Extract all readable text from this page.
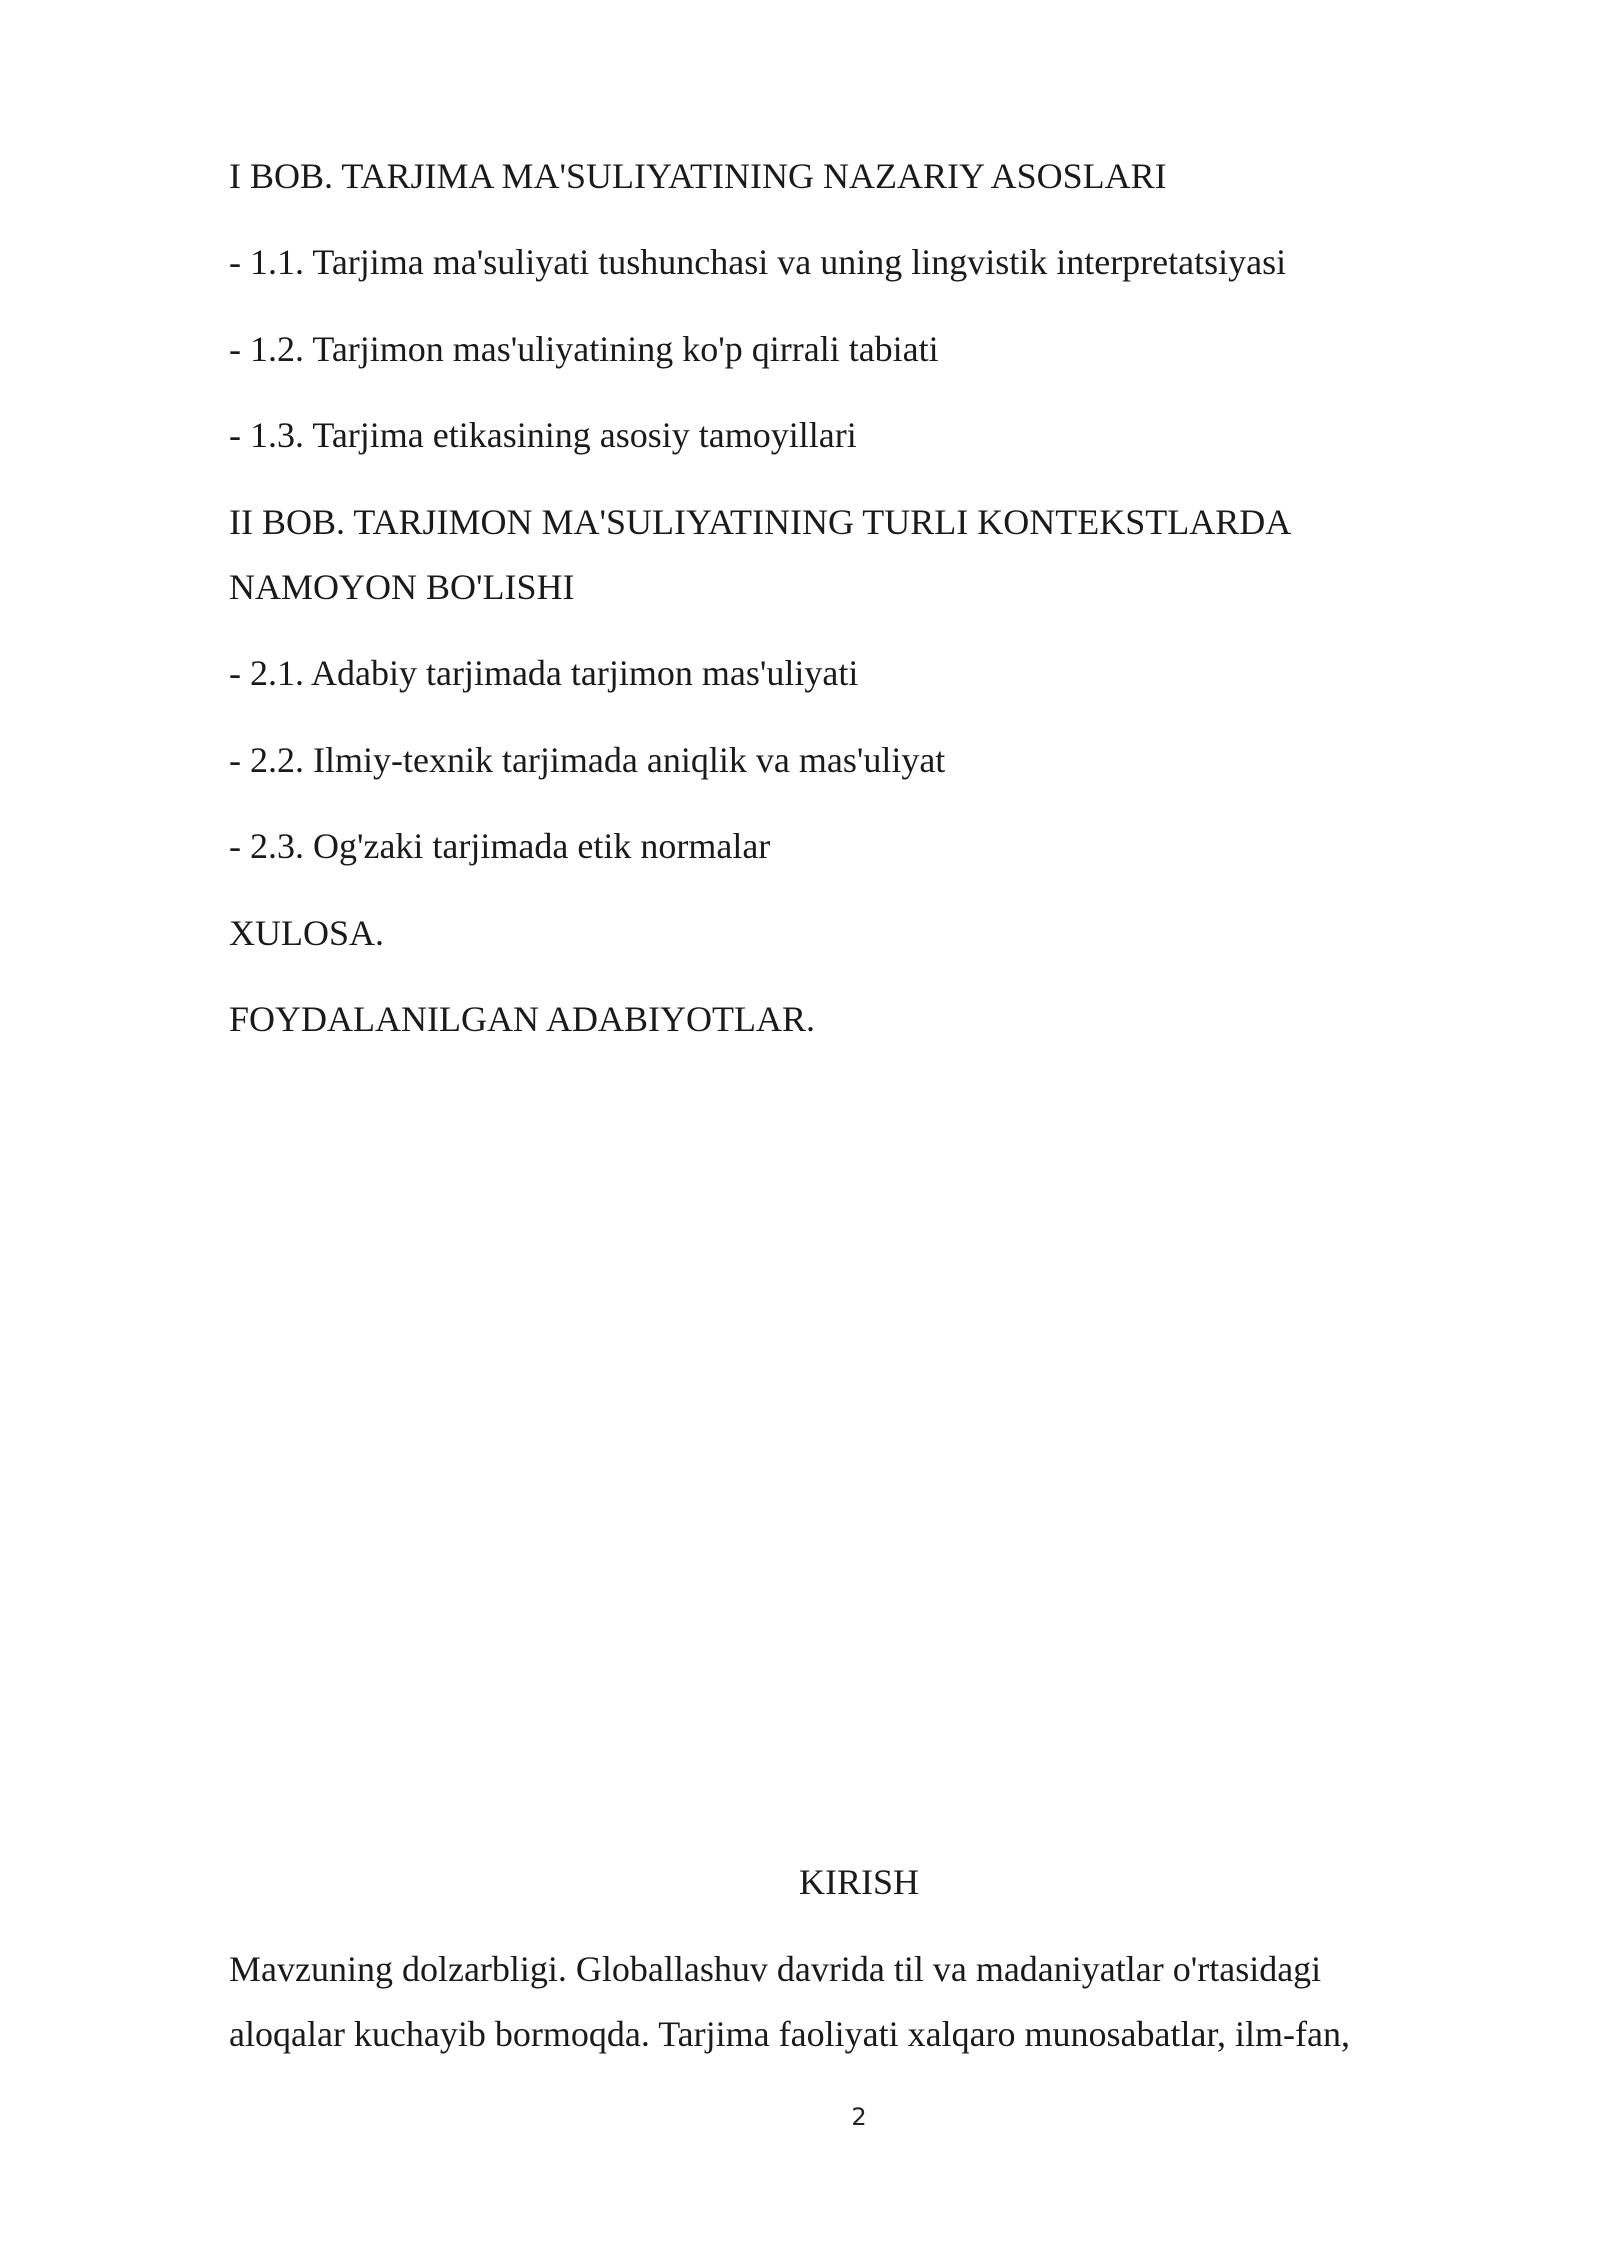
I BOB. TARJIMA MA'SULIYATINING NAZARIY ASOSLARI
- 1.1. Tarjima ma'suliyati tushunchasi va uning lingvistik interpretatsiyasi
- 1.2. Tarjimon mas'uliyatining ko'p qirrali tabiati
- 1.3. Tarjima etikasining asosiy tamoyillari
II BOB. TARJIMON MA'SULIYATINING TURLI KONTEKSTLARDA
NAMOYON BO'LISHI
- 2.1. Adabiy tarjimada tarjimon mas'uliyati
- 2.2. Ilmiy-texnik tarjimada aniqlik va mas'uliyat
- 2.3. Og'zaki tarjimada etik normalar
XULOSA.
FOYDALANILGAN ADABIYOTLAR.
KIRISH
Mavzuning dolzarbligi. Globallashuv davrida til va madaniyatlar o'rtasidagi
aloqalar kuchayib bormoqda. Tarjima faoliyati xalqaro munosabatlar, ilm-fan,
2
